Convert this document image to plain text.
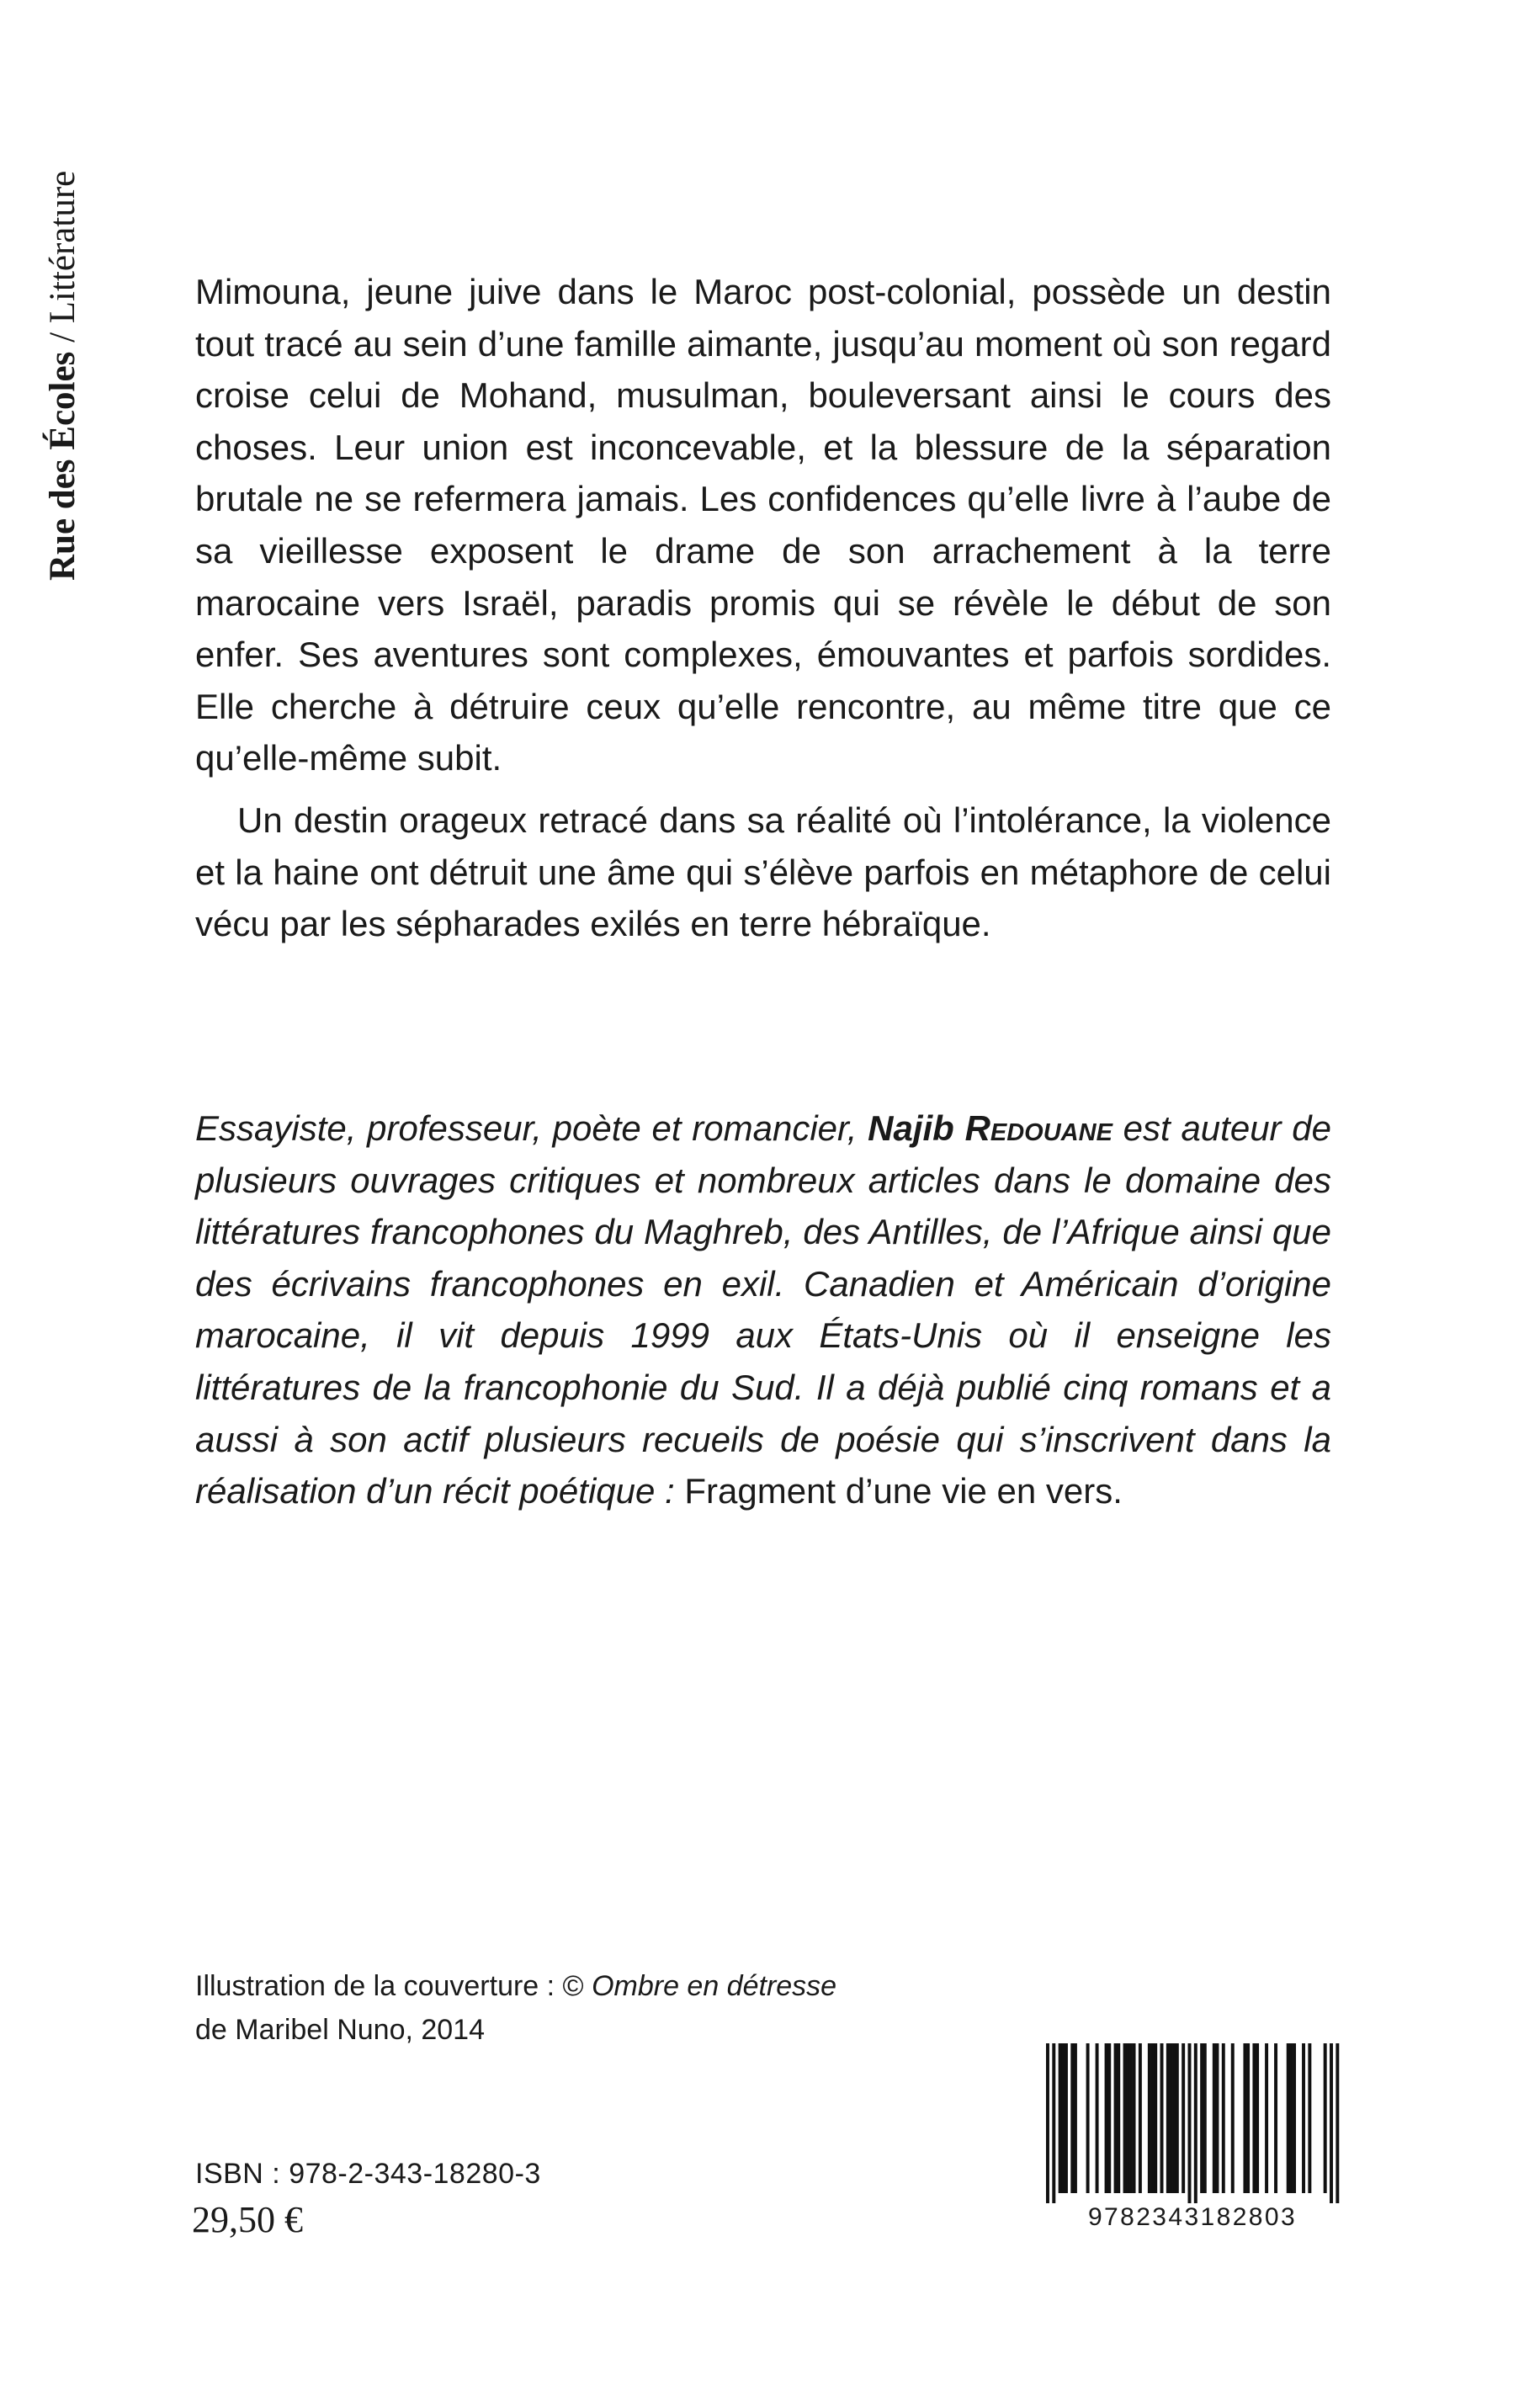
Rue des Écoles / Littérature	Mimouna, jeune juive dans le Maroc post-colonial, possède un destin tout tracé au sein d’une famille aimante, jusqu’au moment où son regard croise celui de Mohand, musulman, bouleversant ainsi le cours des choses. Leur union est inconcevable, et la blessure de la séparation brutale ne se refermera jamais. Les confidences qu’elle livre à l’aube de sa vieillesse exposent le drame de son arrachement à la terre marocaine vers Israël, paradis promis qui se révèle le début de son enfer. Ses aventures sont complexes, émouvantes et parfois sordides. Elle cherche à détruire ceux qu’elle rencontre, au même titre que ce qu’elle-même subit.

Un destin orageux retracé dans sa réalité où l’intolérance, la violence et la haine ont détruit une âme qui s’élève parfois en métaphore de celui vécu par les sépharades exilés en terre hébraïque.

Essayiste, professeur, poète et romancier, Najib Redouane est auteur de plusieurs ouvrages critiques et nombreux articles dans le domaine des littératures francophones du Maghreb, des Antilles, de l’Afrique ainsi que des écrivains francophones en exil. Canadien et Américain d’origine marocaine, il vit depuis 1999 aux États-Unis où il enseigne les littératures de la francophonie du Sud. Il a déjà publié cinq romans et a aussi à son actif plusieurs recueils de poésie qui s’inscrivent dans la réalisation d’un récit poétique : Fragment d’une vie en vers.

Illustration de la couverture : © Ombre en détresse
de Maribel Nuno, 2014
ISBN : 978-2-343-18280-3
29,50 €	9782343182803
